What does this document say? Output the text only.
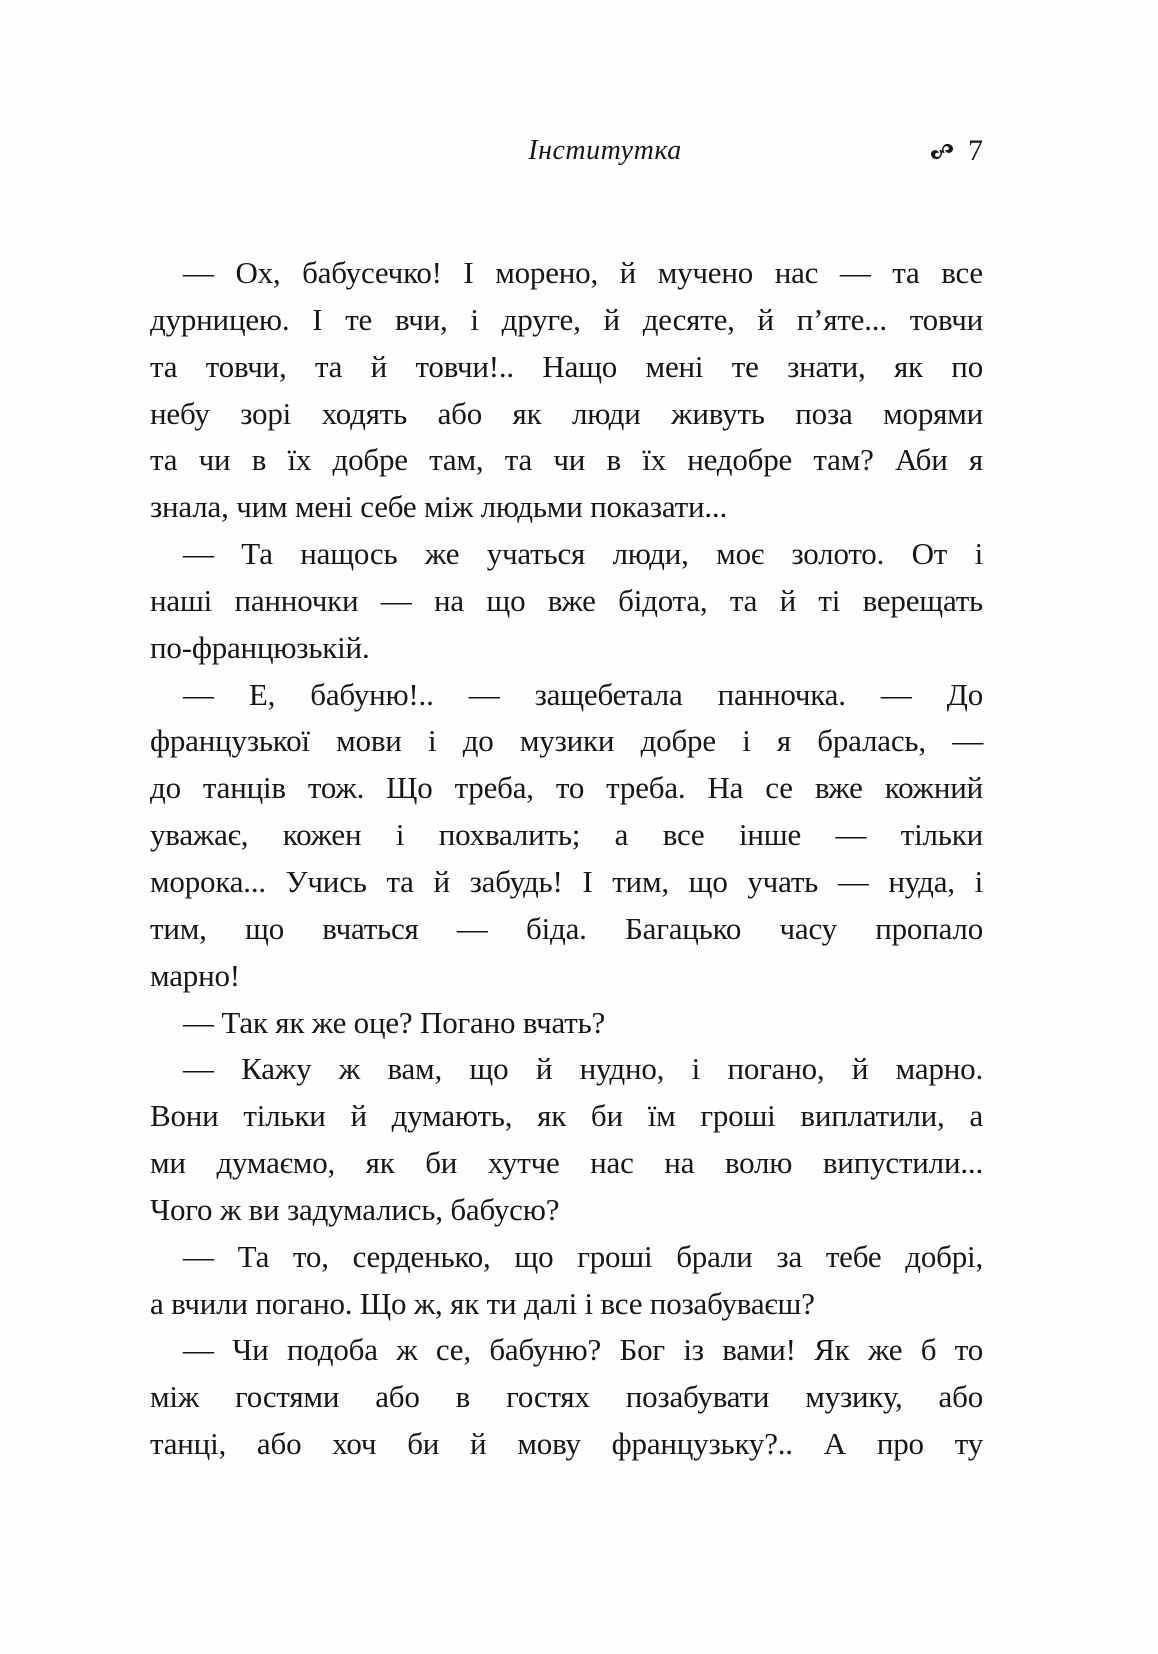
Інститутка	7
— Ох, бабусечко! І морено, й мучено нас — та все
дурницею. І те вчи, і друге, й десяте, й п’яте... товчи
та товчи, та й товчи!.. Нащо мені те знати, як по
небу зорі ходять або як люди живуть поза морями
та чи в їх добре там, та чи в їх недобре там? Аби я
знала, чим мені себе між людьми показати...
— Та нащось же учаться люди, моє золото. От і
наші панночки — на що вже бідота, та й ті верещать
по-францюзькій.
— Е, бабуню!.. — защебетала панночка. — До
французької мови і до музики добре і я бралась, —
до танців тож. Що треба, то треба. На се вже кожний
уважає, кожен і похвалить; а все інше — тільки
морока... Учись та й забудь! І тим, що учать — нуда, і
тим, що вчаться — біда. Багацько часу пропало
марно!
— Так як же оце? Погано вчать?
— Кажу ж вам, що й нудно, і погано, й марно.
Вони тільки й думають, як би їм гроші виплатили, а
ми думаємо, як би хутче нас на волю випустили...
Чого ж ви задумались, бабусю?
— Та то, серденько, що гроші брали за тебе добрі,
а вчили погано. Що ж, як ти далі і все позабуваєш?
— Чи подоба ж се, бабуню? Бог із вами! Як же б то
між гостями або в гостях позабувати музику, або
танці, або хоч би й мову французьку?.. А про ту
